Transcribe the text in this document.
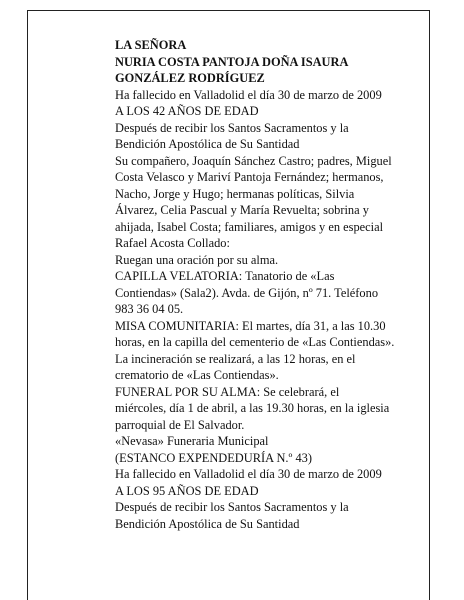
LA SEÑORA
NURIA COSTA PANTOJA DOÑA ISAURA
GONZÁLEZ RODRÍGUEZ
Ha fallecido en Valladolid el día 30 de marzo de 2009
A LOS 42 AÑOS DE EDAD
Después de recibir los Santos Sacramentos y la
Bendición Apostólica de Su Santidad
Su compañero, Joaquín Sánchez Castro; padres, Miguel
Costa Velasco y Mariví Pantoja Fernández; hermanos,
Nacho, Jorge y Hugo; hermanas políticas, Silvia
Álvarez, Celia Pascual y María Revuelta; sobrina y
ahijada, Isabel Costa; familiares, amigos y en especial
Rafael Acosta Collado:
Ruegan una oración por su alma.
CAPILLA VELATORIA: Tanatorio de «Las
Contiendas» (Sala2). Avda. de Gijón, nº 71. Teléfono
983 36 04 05.
MISA COMUNITARIA: El martes, día 31, a las 10.30
horas, en la capilla del cementerio de «Las Contiendas».
La incineración se realizará, a las 12 horas, en el
crematorio de «Las Contiendas».
FUNERAL POR SU ALMA: Se celebrará, el
miércoles, día 1 de abril, a las 19.30 horas, en la iglesia
parroquial de El Salvador.
«Nevasa» Funeraria Municipal
(ESTANCO EXPENDEDURÍA N.º 43)
Ha fallecido en Valladolid el día 30 de marzo de 2009
A LOS 95 AÑOS DE EDAD
Después de recibir los Santos Sacramentos y la
Bendición Apostólica de Su Santidad
